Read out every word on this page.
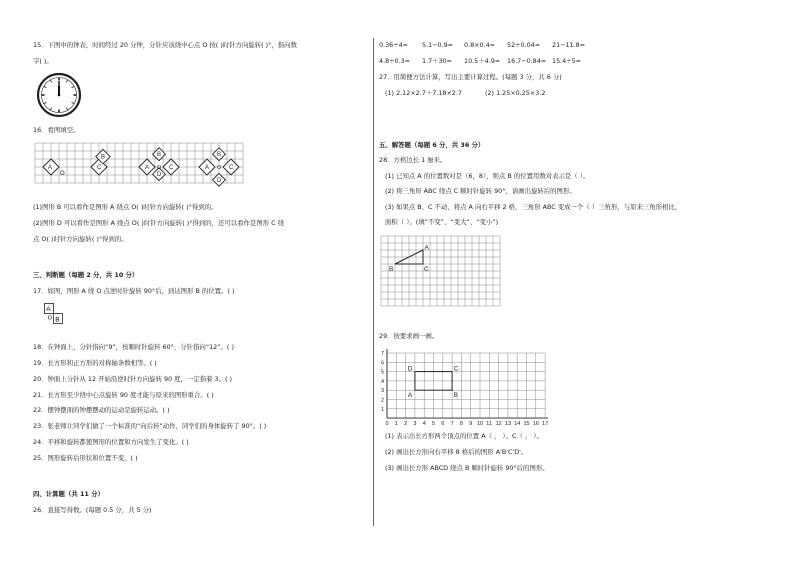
15．下图中的钟表，时间经过 20 分钟，分针应该绕中心点 O 按( )时针方向旋转( )°，指向数
字( )。
16．看图填空。
A
O
B
C	A O
B
C
D
A O
B
C
D
(1)图形 B 可以看作是图形 A 绕点 O( )时针方向旋转( )°得到的。
(2)图形 D 可以看作是图形 A 绕点 O( )时针方向旋转( )°得到的，还可以看作是图形 C 绕
点 O( )时针方向旋转( )°得到的。
三、判断题（每题 2 分，共 10 分）
17．如图，图形 A 绕 O 点逆时针旋转 90°后，到达图形 B 的位置。( )
A
O B
18．在钟面上，分针指向“9”，按顺时针旋转 60°，分针指向“12”。( )
19．长方形和正方形的对称轴条数相等。( )
20．钟面上分针从 12 开始沿逆时针方向旋转 90 度，一定指着 3。( )
21．长方形至少绕中心点旋转 90 度才能与原来的图形重合。( )
22．摆钟摆面的钟摆摆动的运动是旋转运动。( )
23．张老师让同学们做了一个标准的“向后转”动作，同学们的身体旋转了 90°。( )
24．平移和旋转都使图形的位置和方向发生了变化。( )
25．图形旋转后形状和位置不变。( )
四、计算题（共 11 分）
26．直接写得数。(每题 0.5 分，共 5 分)
27．用简便方法计算，写出主要计算过程。(每题 3 分，共 6 分)
(1) 2.12×2.7＋7.18×2.7	(2) 1.25×0.25×3.2
五、解答题（每题 6 分，共 36 分）
28．方格边长 1 厘米。
(1) 已知点 A 的位置数对是（6，8），则点 B 的位置用数对表示是（ ）。
(2) 将三角形 ABC 绕点 C 顺时针旋转 90°，请画出旋转后的图形。
(3) 如果点 B、C 不动，将点 A 向右平移 2 格，三角形 ABC 变成一个（ ）三角形，与原来三角形相比，
面积（ ）。(填“不变”、“变大”、“变小”)
A
B	C
29．按要求画一画。
1
2
3
4
5
6
7
0 1 2 3 4 5 6 7 8 9 10 11 12 13 14 15 16 17
A	B
C
D
(1) 表示出长方形两个顶点的位置 A（ ， ）、C（ ， ）。
(2) 画出长方形向右平移 8 格后的图形 A'B'C'D'。
(3) 画出长方形 ABCD 绕点 B 顺时针旋转 90°后的图形。
0.36÷4= 5.1−0.9= 0.8×0.4= 52÷0.04= 21−11.8=
4.8÷0.3= 1.7＋30= 10.5＋4.9= 16.7−0.84= 15.4÷5=
